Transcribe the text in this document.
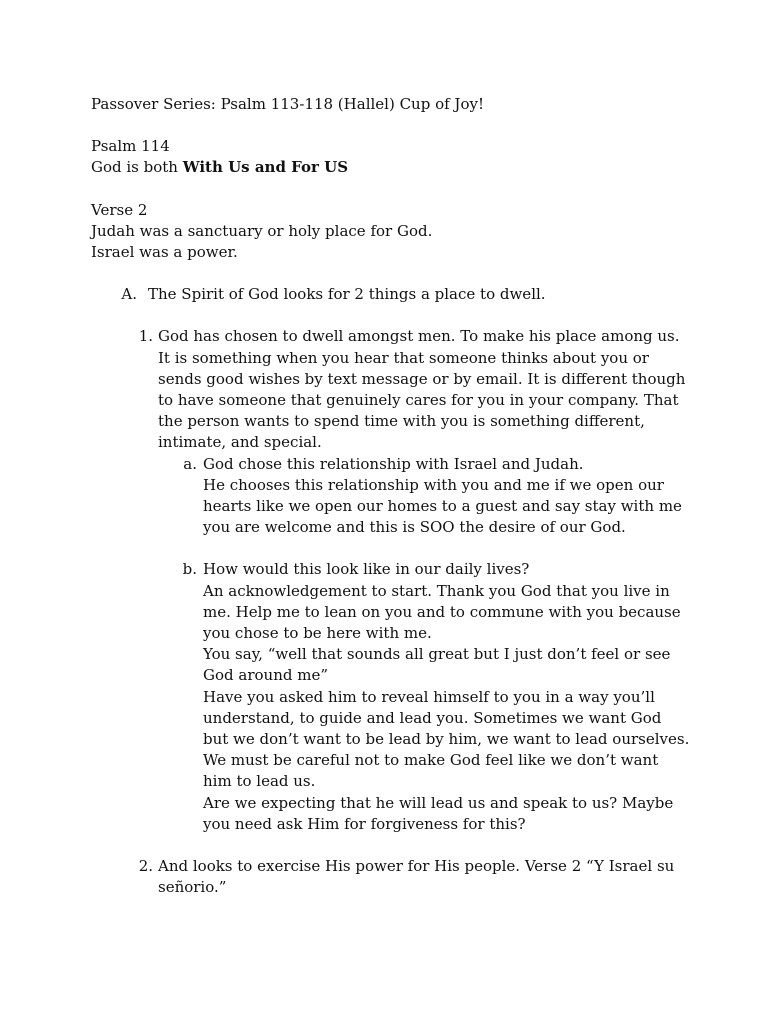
Passover Series: Psalm 113-118 (Hallel) Cup of Joy!
Psalm 114
God is both With Us and For US
Verse 2
Judah was a sanctuary or holy place for God.
Israel was a power.
A. The Spirit of God looks for 2 things a place to dwell.
1. God has chosen to dwell amongst men. To make his place among us.
It is something when you hear that someone thinks about you or
sends good wishes by text message or by email. It is different though
to have someone that genuinely cares for you in your company. That
the person wants to spend time with you is something different,
intimate, and special.
a. God chose this relationship with Israel and Judah.
He chooses this relationship with you and me if we open our
hearts like we open our homes to a guest and say stay with me
you are welcome and this is SOO the desire of our God.
b. How would this look like in our daily lives?
An acknowledgement to start. Thank you God that you live in
me. Help me to lean on you and to commune with you because
you chose to be here with me.
You say, “well that sounds all great but I just don’t feel or see
God around me”
Have you asked him to reveal himself to you in a way you’ll
understand, to guide and lead you. Sometimes we want God
but we don’t want to be lead by him, we want to lead ourselves.
We must be careful not to make God feel like we don’t want
him to lead us.
Are we expecting that he will lead us and speak to us? Maybe
you need ask Him for forgiveness for this?
2. And looks to exercise His power for His people. Verse 2 “Y Israel su
señorio.”
